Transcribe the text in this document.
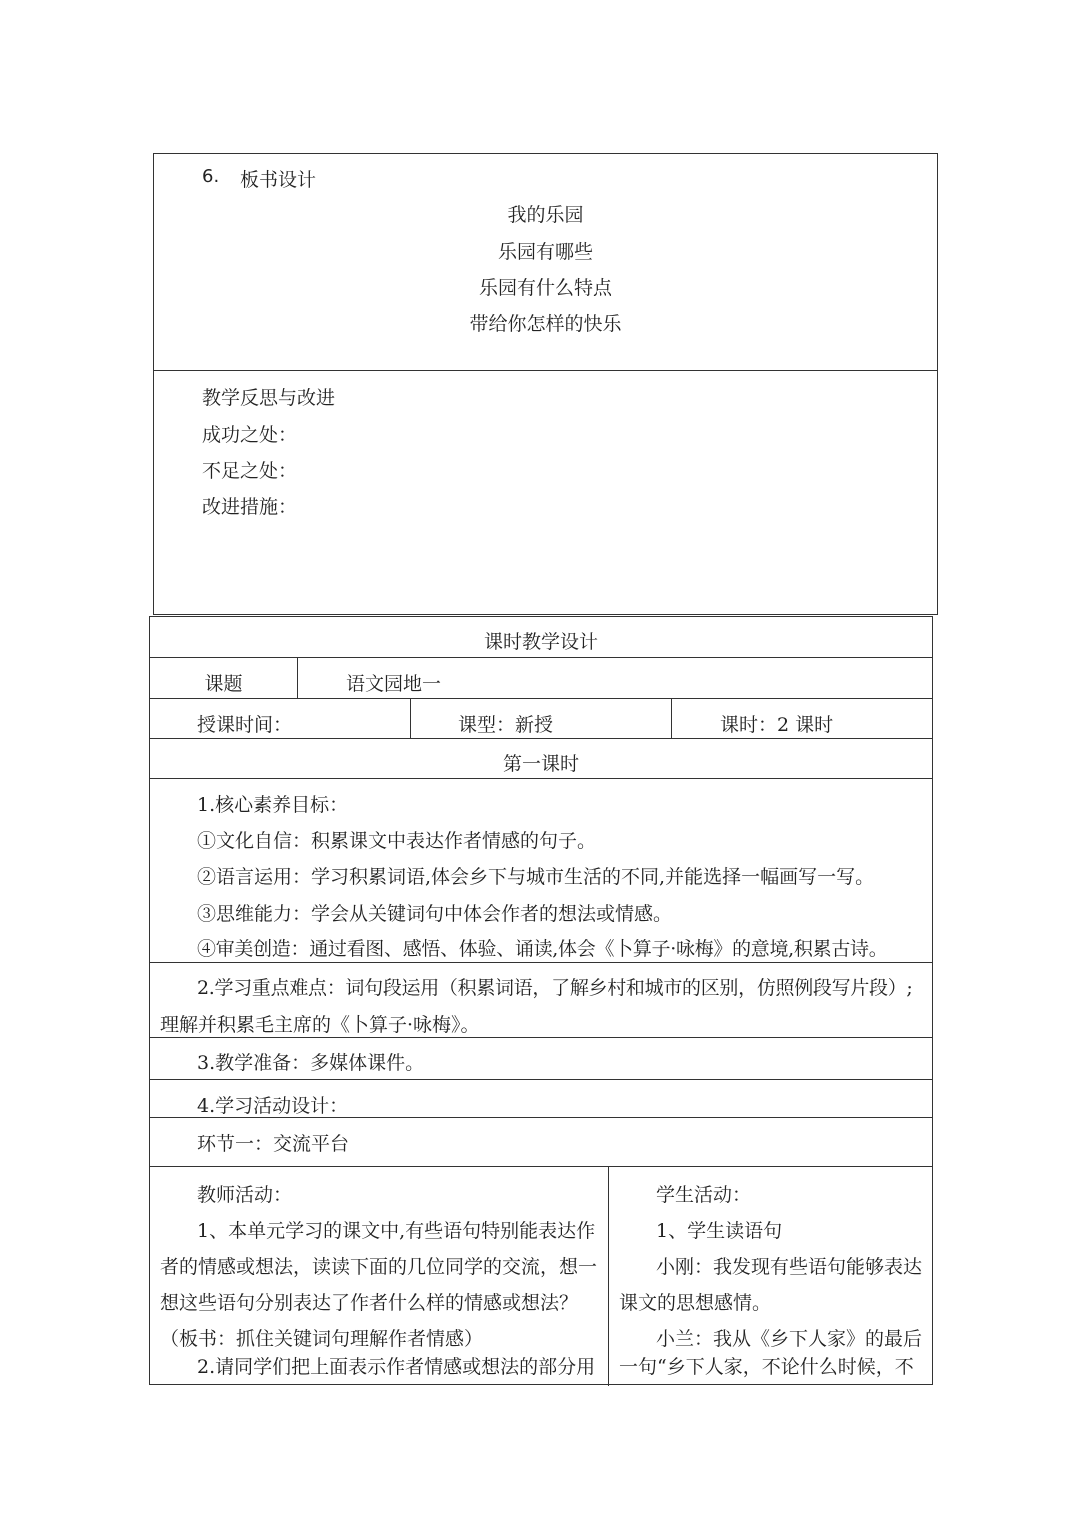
6. 板书设计
我的乐园
乐园有哪些
乐园有什么特点
带给你怎样的快乐
教学反思与改进
成功之处：
不足之处：
改进措施：
课时教学设计
课题	语文园地一
授课时间：	课型：新授	课时：2 课时
第一课时
1.核心素养目标：
①文化自信：积累课文中表达作者情感的句子。
②语言运用：学习积累词语,体会乡下与城市生活的不同,并能选择一幅画写一写。
③思维能力：学会从关键词句中体会作者的想法或情感。
④审美创造：通过看图、感悟、体验、诵读,体会《卜算子·咏梅》的意境,积累古诗。
2.学习重点难点：词句段运用（积累词语，了解乡村和城市的区别，仿照例段写片段）;
理解并积累毛主席的《卜算子·咏梅》。
3.教学准备：多媒体课件。
4.学习活动设计：
环节一：交流平台
教师活动：
1、本单元学习的课文中,有些语句特别能表达作
者的情感或想法，读读下面的几位同学的交流，想一
想这些语句分别表达了作者什么样的情感或想法？
（板书：抓住关键词句理解作者情感）
2.请同学们把上面表示作者情感或想法的部分用
学生活动：
1、学生读语句
小刚：我发现有些语句能够表达
课文的思想感情。
小兰：我从《乡下人家》的最后
一句“乡下人家，不论什么时候，不
